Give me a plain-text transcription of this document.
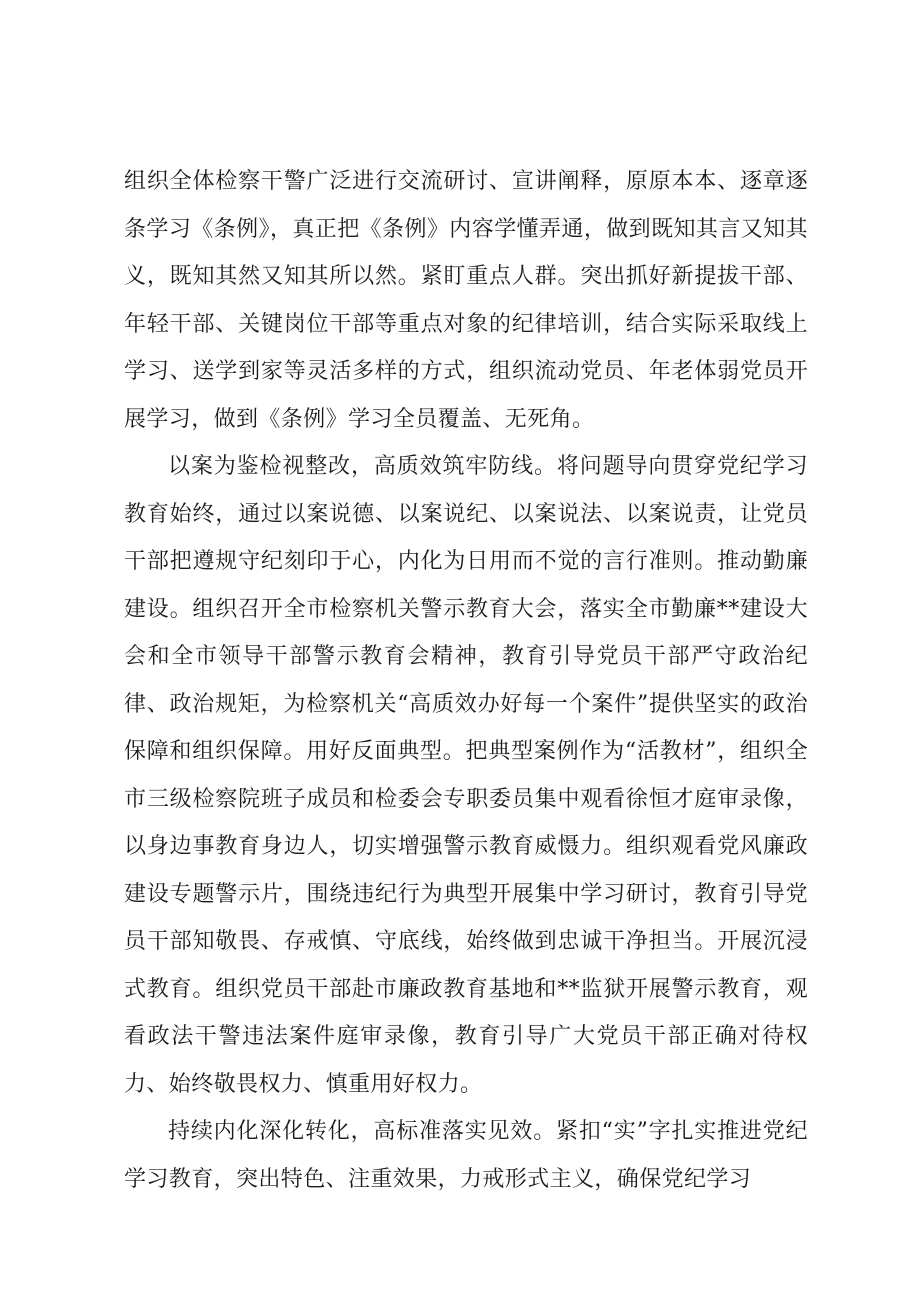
组织全体检察干警广泛进行交流研讨、宣讲阐释，原原本本、逐章逐条学习《条例》，真正把《条例》内容学懂弄通，做到既知其言又知其义，既知其然又知其所以然。紧盯重点人群。突出抓好新提拔干部、年轻干部、关键岗位干部等重点对象的纪律培训，结合实际采取线上学习、送学到家等灵活多样的方式，组织流动党员、年老体弱党员开展学习，做到《条例》学习全员覆盖、无死角。

以案为鉴检视整改，高质效筑牢防线。将问题导向贯穿党纪学习教育始终，通过以案说德、以案说纪、以案说法、以案说责，让党员干部把遵规守纪刻印于心，内化为日用而不觉的言行准则。推动勤廉建设。组织召开全市检察机关警示教育大会，落实全市勤廉**建设大会和全市领导干部警示教育会精神，教育引导党员干部严守政治纪律、政治规矩，为检察机关“高质效办好每一个案件”提供坚实的政治保障和组织保障。用好反面典型。把典型案例作为“活教材”，组织全市三级检察院班子成员和检委会专职委员集中观看徐恒才庭审录像，以身边事教育身边人，切实增强警示教育威慑力。组织观看党风廉政建设专题警示片，围绕违纪行为典型开展集中学习研讨，教育引导党员干部知敬畏、存戒慎、守底线，始终做到忠诚干净担当。开展沉浸式教育。组织党员干部赴市廉政教育基地和**监狱开展警示教育，观看政法干警违法案件庭审录像，教育引导广大党员干部正确对待权力、始终敬畏权力、慎重用好权力。

持续内化深化转化，高标准落实见效。紧扣“实”字扎实推进党纪学习教育，突出特色、注重效果，力戒形式主义，确保党纪学习
